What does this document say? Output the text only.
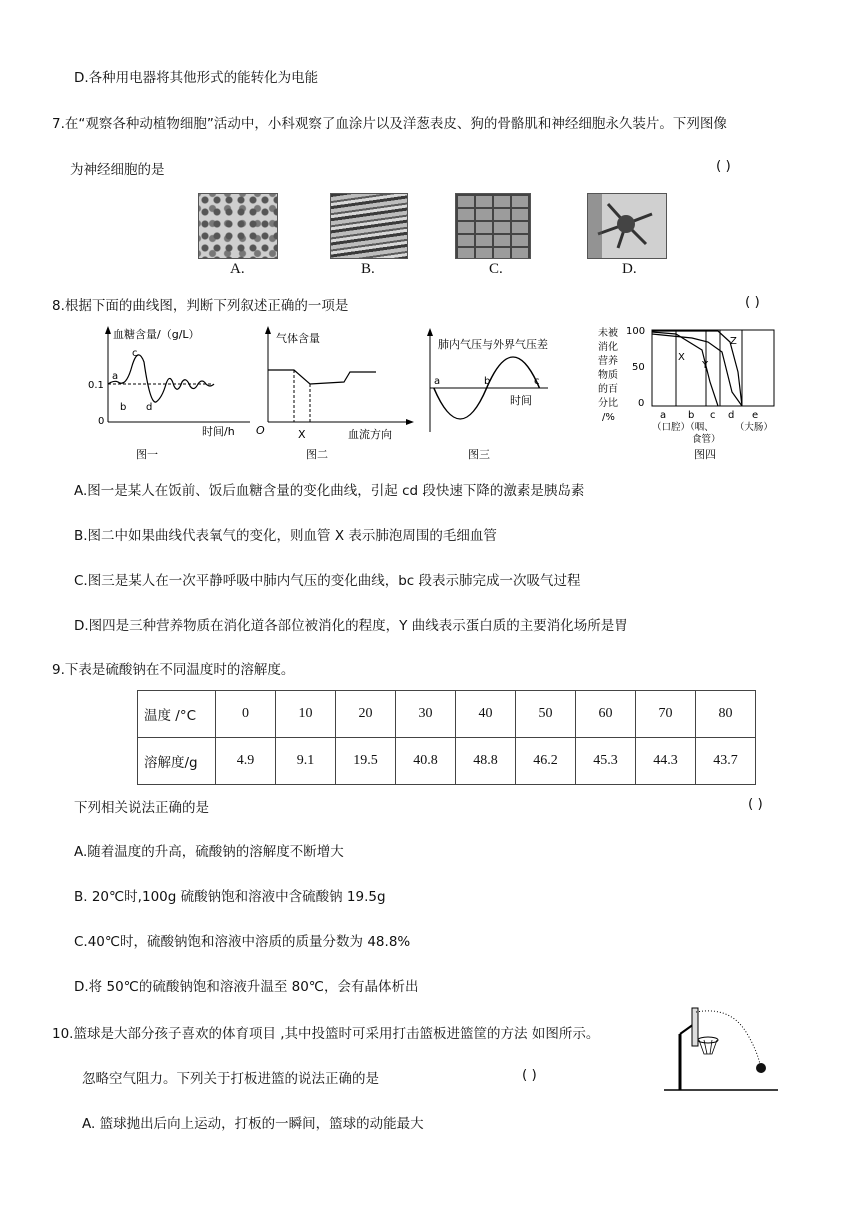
D.各种用电器将其他形式的能转化为电能
7.在“观察各种动植物细胞”活动中，小科观察了血涂片以及洋葱表皮、狗的骨骼肌和神经细胞永久装片。下列图像
为神经细胞的是	( )
A.	B.	C.	D.
8.根据下面的曲线图，判断下列叙述正确的一项是	( )
血糖含量/（g/L）
0.1
0
a
b
c
d
时间/h
图一
气体含量
O	X	血流方向
图二
肺内气压与外界气压差
a	b	c
时间
图三
未被
消化
营养
物质
的百
分比
/%
100
50
0
X
Y
Z
a b c d e
（口腔）（咽、       （大肠）
食管）
图四
A.图一是某人在饭前、饭后血糖含量的变化曲线，引起 cd 段快速下降的激素是胰岛素
B.图二中如果曲线代表氧气的变化，则血管 X 表示肺泡周围的毛细血管
C.图三是某人在一次平静呼吸中肺内气压的变化曲线，bc 段表示肺完成一次吸气过程
D.图四是三种营养物质在消化道各部位被消化的程度，Y 曲线表示蛋白质的主要消化场所是胃
9.下表是硫酸钠在不同温度时的溶解度。
温度 /°C	0	10	20	30	40	50	60	70	80
溶解度/g	4.9	9.1	19.5	40.8	48.8	46.2	45.3	44.3	43.7
下列相关说法正确的是	( )
A.随着温度的升高，硫酸钠的溶解度不断增大
B. 20℃时,100g 硫酸钠饱和溶液中含硫酸钠 19.5g
C.40℃时，硫酸钠饱和溶液中溶质的质量分数为 48.8%
D.将 50℃的硫酸钠饱和溶液升温至 80℃，会有晶体析出
10.篮球是大部分孩子喜欢的体育项目 ,其中投篮时可采用打击篮板进篮筐的方法 如图所示。
忽略空气阻力。下列关于打板进篮的说法正确的是	( )
A. 篮球抛出后向上运动，打板的一瞬间，篮球的动能最大
